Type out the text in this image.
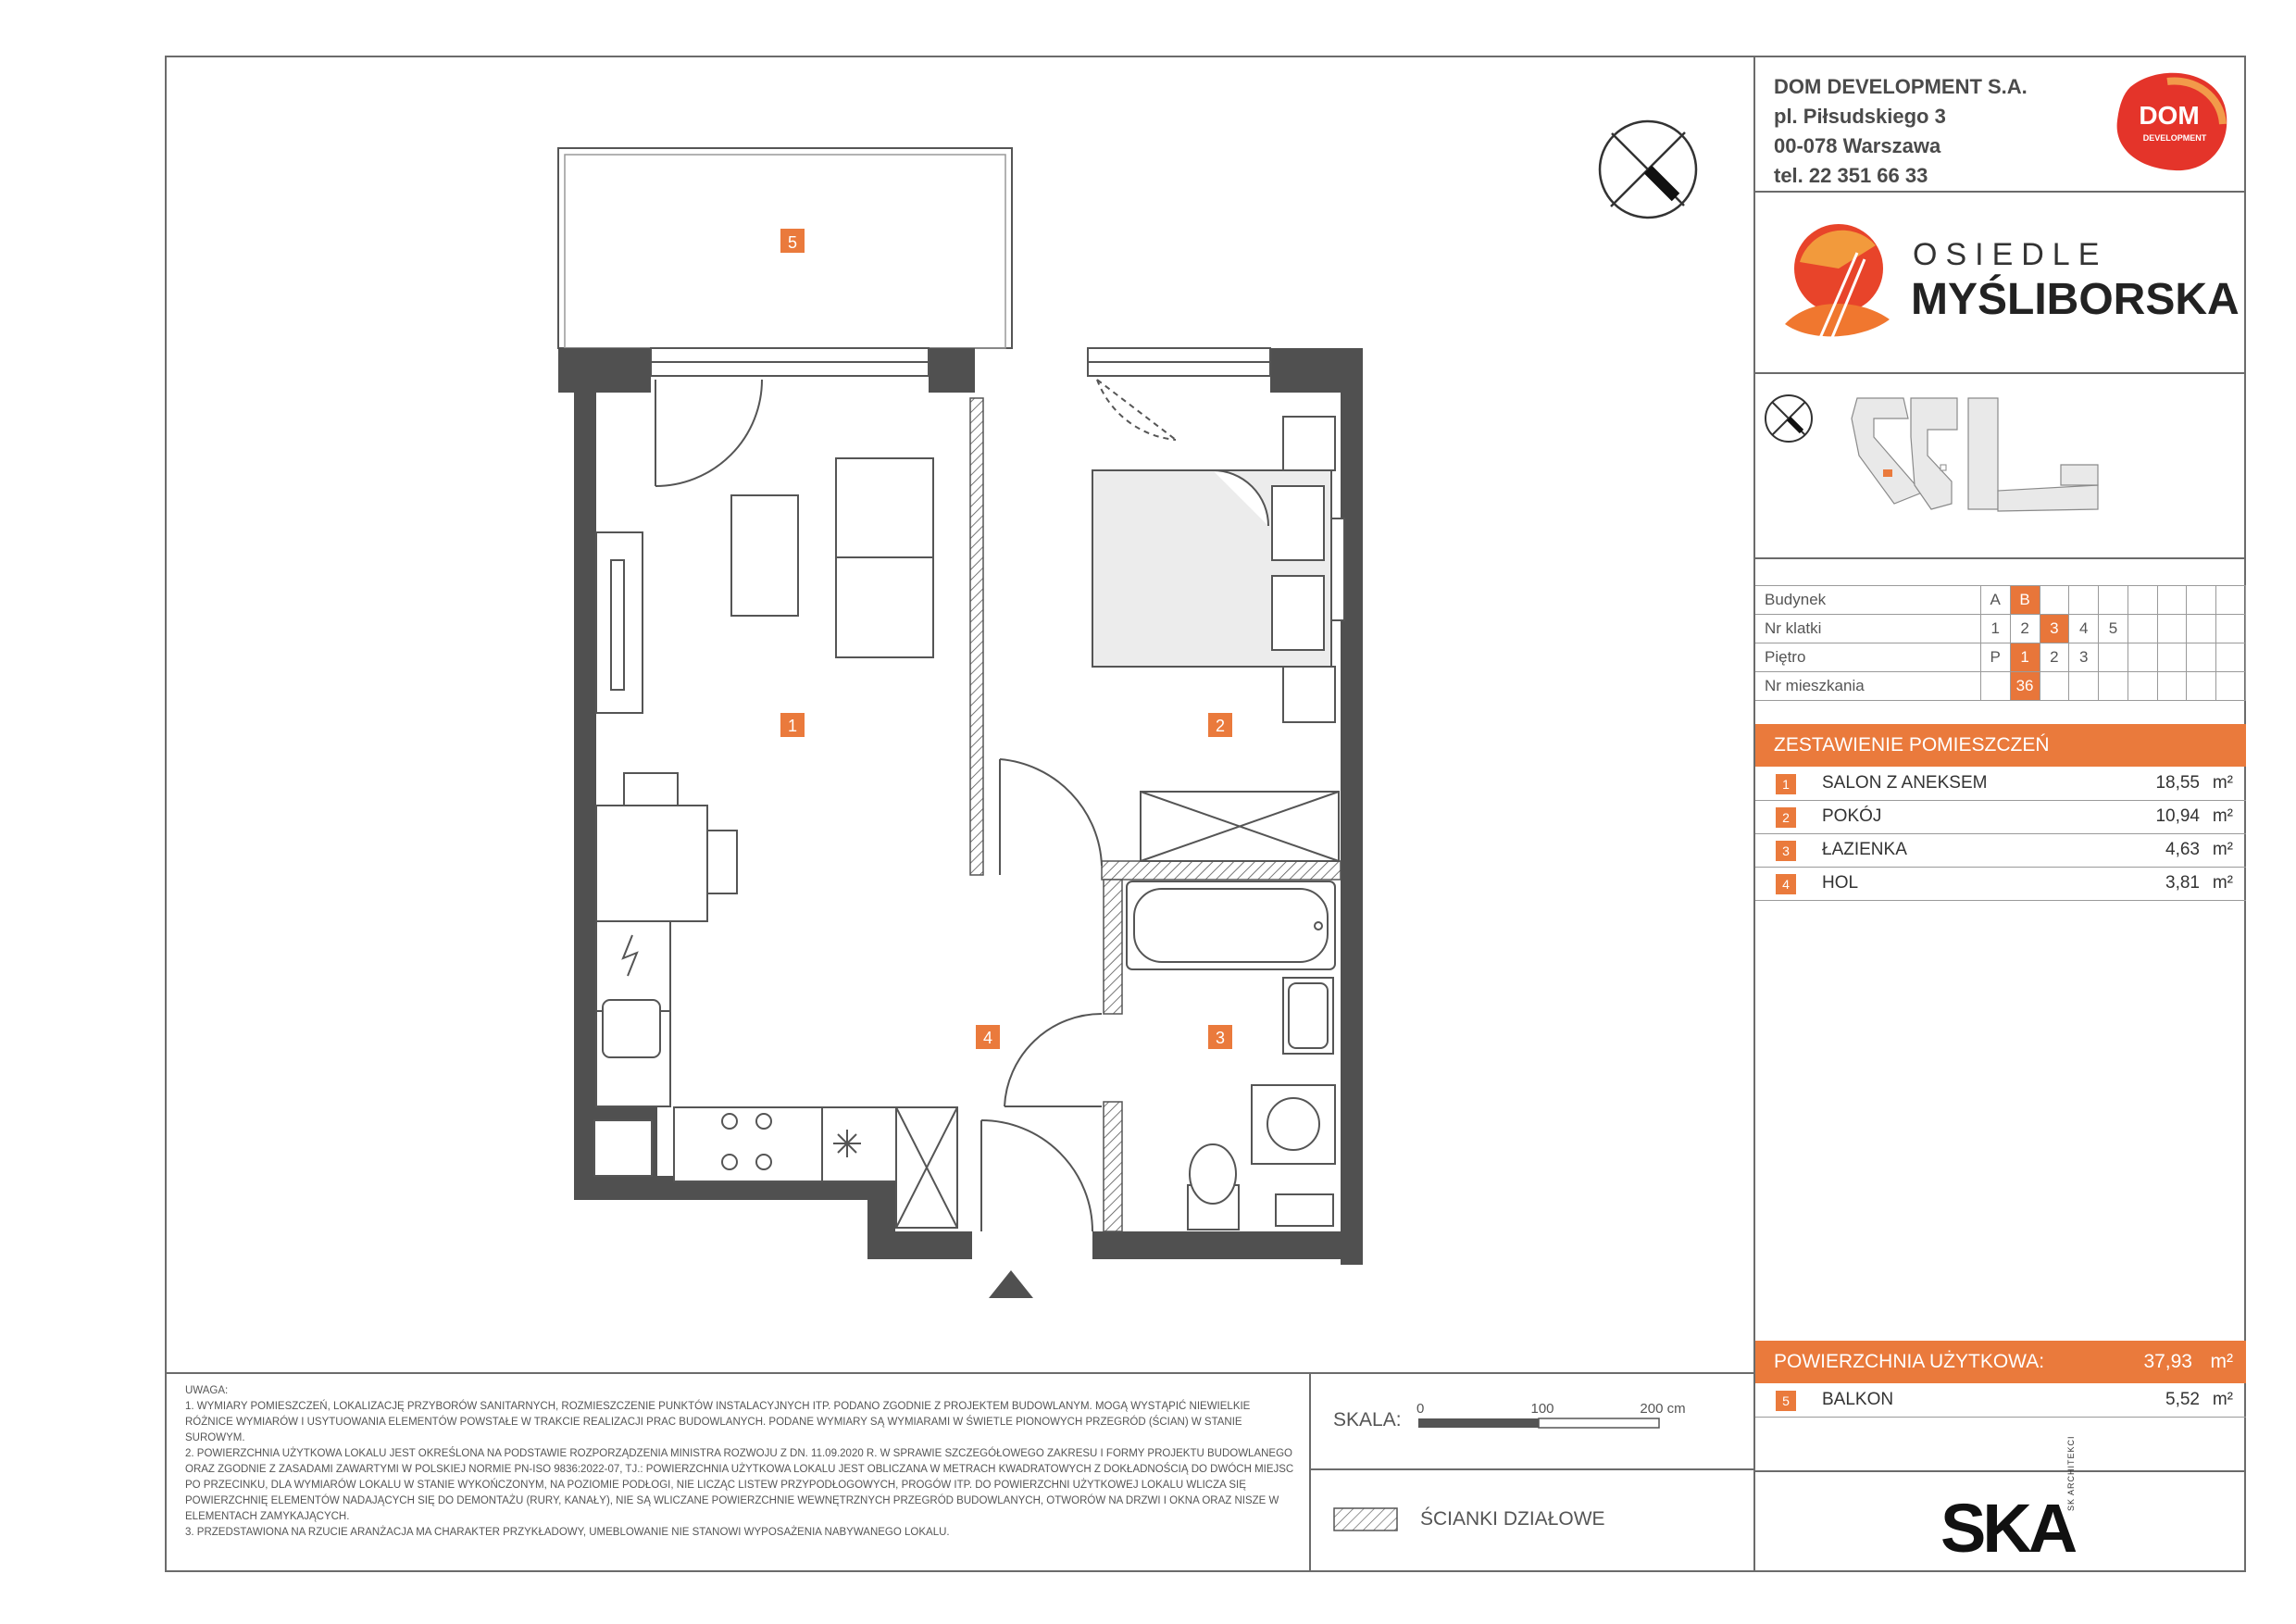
5
1	2
4	3
DOM DEVELOPMENT S.A.
pl. Piłsudskiego 3
00-078 Warszawa
tel. 22 351 66 33
DOM
DEVELOPMENT
OSIEDLE
MYŚLIBORSKA
Budynek	A	B							
Nr klatki	1	2	3	4	5				
Piętro	P	1	2	3					
Nr mieszkania		36							
ZESTAWIENIE POMIESZCZEŃ
1	SALON Z ANEKSEM	18,55 m²
2	POKÓJ	10,94 m²
3	ŁAZIENKA	4,63 m²
4	HOL	3,81 m²
POWIERZCHNIA UŻYTKOWA:	37,93 m²
5	BALKON	5,52 m²
SKA
SK ARCHITEKCI

UWAGA:

1. WYMIARY POMIESZCZEŃ, LOKALIZACJĘ PRZYBORÓW SANITARNYCH, ROZMIESZCZENIE PUNKTÓW INSTALACYJNYCH ITP. PODANO ZGODNIE Z PROJEKTEM BUDOWLANYM. MOGĄ WYSTĄPIĆ NIEWIELKIE RÓŻNICE WYMIARÓW I USYTUOWANIA ELEMENTÓW POWSTAŁE W TRAKCIE REALIZACJI PRAC BUDOWLANYCH. PODANE WYMIARY SĄ WYMIARAMI W ŚWIETLE PIONOWYCH PRZEGRÓD (ŚCIAN) W STANIE SUROWYM.

2. POWIERZCHNIA UŻYTKOWA LOKALU JEST OKREŚLONA NA PODSTAWIE ROZPORZĄDZENIA MINISTRA ROZWOJU Z DN. 11.09.2020 R. W SPRAWIE SZCZEGÓŁOWEGO ZAKRESU I FORMY PROJEKTU BUDOWLANEGO ORAZ ZGODNIE Z ZASADAMI ZAWARTYMI W POLSKIEJ NORMIE PN-ISO 9836:2022-07, TJ.: POWIERZCHNIA UŻYTKOWA LOKALU JEST OBLICZANA W METRACH KWADRATOWYCH Z DOKŁADNOŚCIĄ DO DWÓCH MIEJSC PO PRZECINKU, DLA WYMIARÓW LOKALU W STANIE WYKOŃCZONYM, NA POZIOMIE PODŁOGI, NIE LICZĄC LISTEW PRZYPODŁOGOWYCH, PROGÓW ITP. DO POWIERZCHNI UŻYTKOWEJ LOKALU WLICZA SIĘ POWIERZCHNIĘ ELEMENTÓW NADAJĄCYCH SIĘ DO DEMONTAŻU (RURY, KANAŁY), NIE SĄ WLICZANE POWIERZCHNIE WEWNĘTRZNYCH PRZEGRÓD BUDOWLANYCH, OTWORÓW NA DRZWI I OKNA ORAZ NISZE W ELEMENTACH ZAMYKAJĄCYCH.

3. PRZEDSTAWIONA NA RZUCIE ARANŻACJA MA CHARAKTER PRZYKŁADOWY, UMEBLOWANIE NIE STANOWI WYPOSAŻENIA NABYWANEGO LOKALU.

SKALA:
0	100	200 cm
ŚCIANKI DZIAŁOWE
